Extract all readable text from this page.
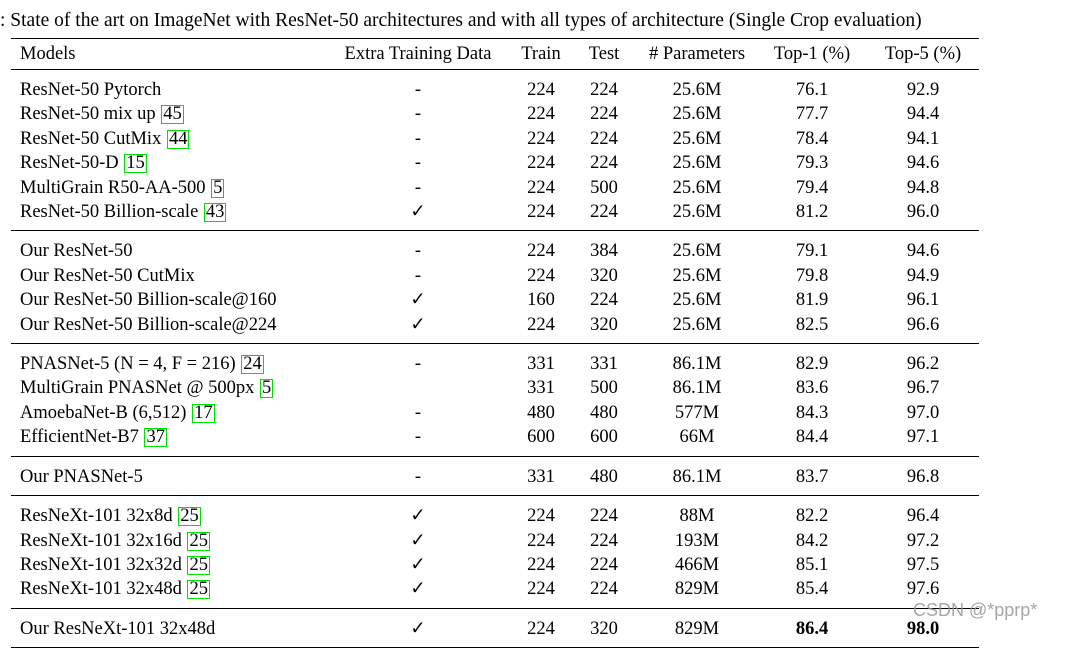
: State of the art on ImageNet with ResNet-50 architectures and with all types of architecture (Single Crop evaluation)
Models	Extra Training Data	Train	Test	# Parameters	Top-1 (%)	Top-5 (%)
ResNet-50 Pytorch	-	224	224	25.6M	76.1	92.9
ResNet-50 mix up 45	-	224	224	25.6M	77.7	94.4
ResNet-50 CutMix 44	-	224	224	25.6M	78.4	94.1
ResNet-50-D 15	-	224	224	25.6M	79.3	94.6
MultiGrain R50-AA-500 5	-	224	500	25.6M	79.4	94.8
ResNet-50 Billion-scale 43	✓	224	224	25.6M	81.2	96.0
Our ResNet-50	-	224	384	25.6M	79.1	94.6
Our ResNet-50 CutMix	-	224	320	25.6M	79.8	94.9
Our ResNet-50 Billion-scale@160	✓	160	224	25.6M	81.9	96.1
Our ResNet-50 Billion-scale@224	✓	224	320	25.6M	82.5	96.6
PNASNet-5 (N = 4, F = 216) 24	-	331	331	86.1M	82.9	96.2
MultiGrain PNASNet @ 500px 5		331	500	86.1M	83.6	96.7
AmoebaNet-B (6,512) 17	-	480	480	577M	84.3	97.0
EfficientNet-B7 37	-	600	600	66M	84.4	97.1
Our PNASNet-5	-	331	480	86.1M	83.7	96.8
ResNeXt-101 32x8d 25	✓	224	224	88M	82.2	96.4
ResNeXt-101 32x16d 25	✓	224	224	193M	84.2	97.2
ResNeXt-101 32x32d 25	✓	224	224	466M	85.1	97.5
ResNeXt-101 32x48d 25	✓	224	224	829M	85.4	97.6
Our ResNeXt-101 32x48d	✓	224	320	829M	86.4	98.0
CSDN @*pprp*
